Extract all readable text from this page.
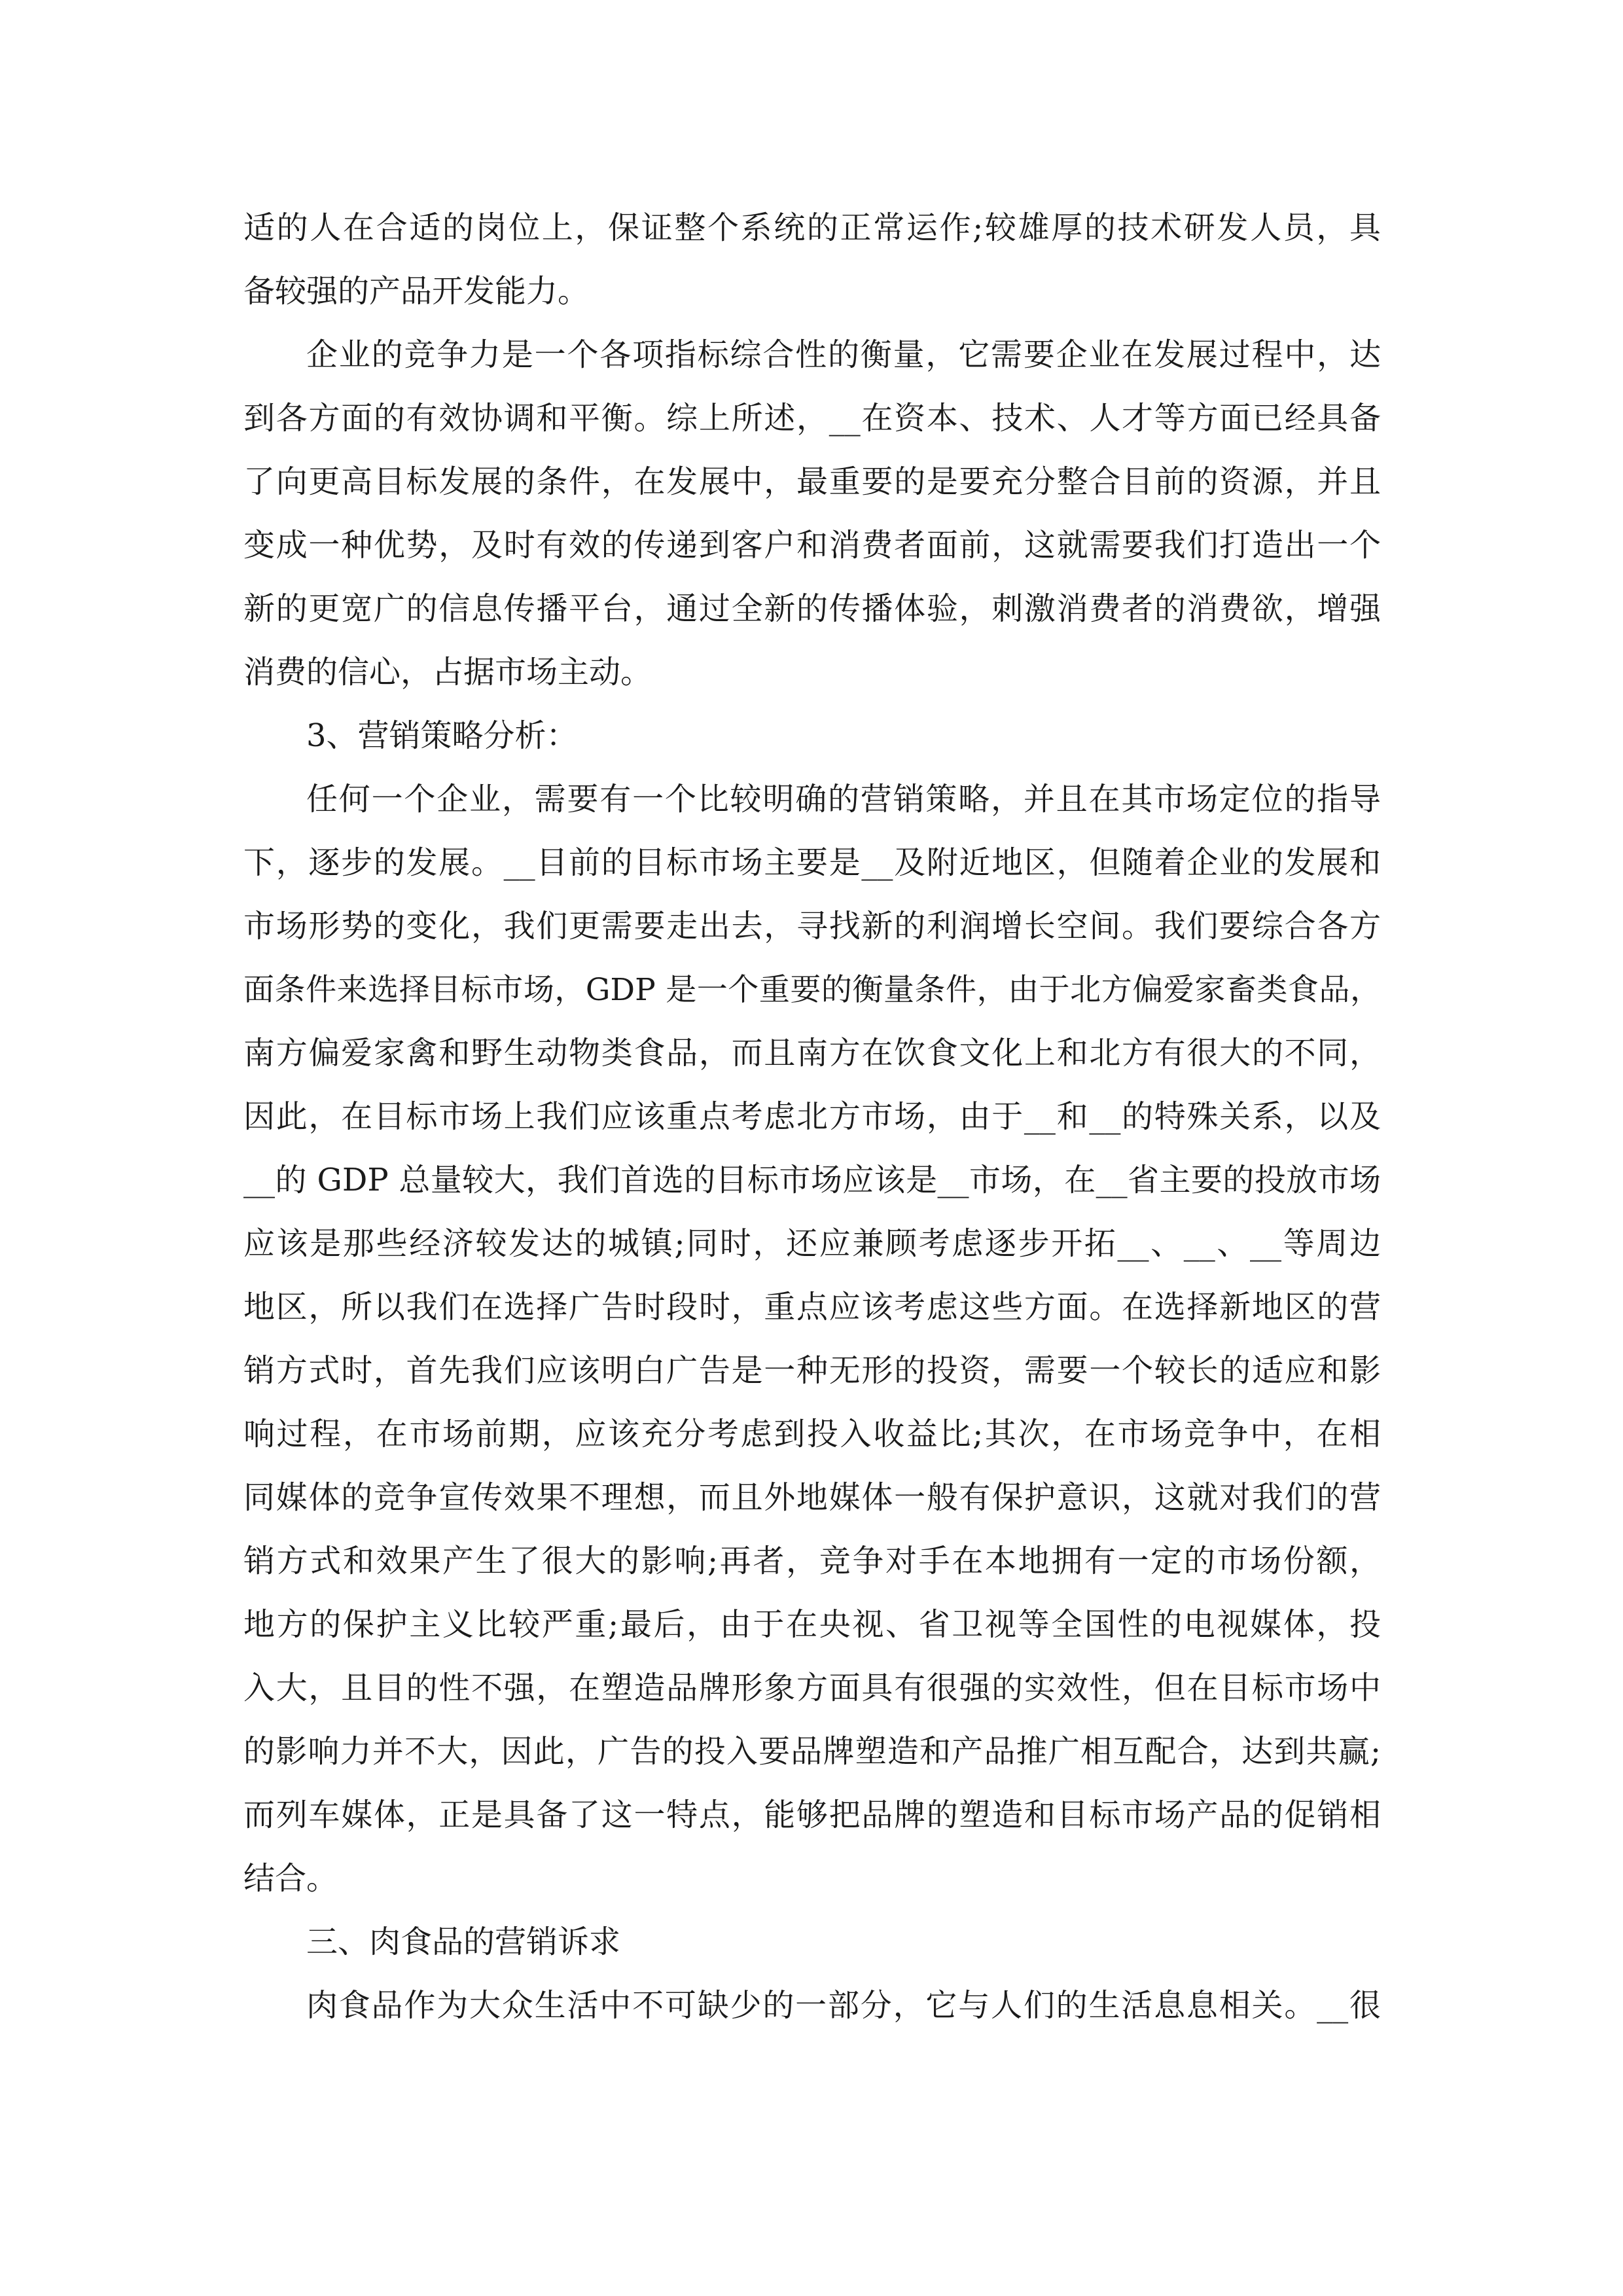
适的人在合适的岗位上，保证整个系统的正常运作;较雄厚的技术研发人员，具
备较强的产品开发能力。
企业的竞争力是一个各项指标综合性的衡量，它需要企业在发展过程中，达
到各方面的有效协调和平衡。综上所述，__在资本、技术、人才等方面已经具备
了向更高目标发展的条件，在发展中，最重要的是要充分整合目前的资源，并且
变成一种优势，及时有效的传递到客户和消费者面前，这就需要我们打造出一个
新的更宽广的信息传播平台，通过全新的传播体验，刺激消费者的消费欲，增强
消费的信心，占据市场主动。
3、营销策略分析：
任何一个企业，需要有一个比较明确的营销策略，并且在其市场定位的指导
下，逐步的发展。__目前的目标市场主要是__及附近地区，但随着企业的发展和
市场形势的变化，我们更需要走出去，寻找新的利润增长空间。我们要综合各方
面条件来选择目标市场，GDP 是一个重要的衡量条件，由于北方偏爱家畜类食品，
南方偏爱家禽和野生动物类食品，而且南方在饮食文化上和北方有很大的不同，
因此，在目标市场上我们应该重点考虑北方市场，由于__和__的特殊关系，以及
__的 GDP 总量较大，我们首选的目标市场应该是__市场，在__省主要的投放市场
应该是那些经济较发达的城镇;同时，还应兼顾考虑逐步开拓__、__、__等周边
地区，所以我们在选择广告时段时，重点应该考虑这些方面。在选择新地区的营
销方式时，首先我们应该明白广告是一种无形的投资，需要一个较长的适应和影
响过程，在市场前期，应该充分考虑到投入收益比;其次，在市场竞争中，在相
同媒体的竞争宣传效果不理想，而且外地媒体一般有保护意识，这就对我们的营
销方式和效果产生了很大的影响;再者，竞争对手在本地拥有一定的市场份额，
地方的保护主义比较严重;最后，由于在央视、省卫视等全国性的电视媒体，投
入大，且目的性不强，在塑造品牌形象方面具有很强的实效性，但在目标市场中
的影响力并不大，因此，广告的投入要品牌塑造和产品推广相互配合，达到共赢;
而列车媒体，正是具备了这一特点，能够把品牌的塑造和目标市场产品的促销相
结合。
三、肉食品的营销诉求
肉食品作为大众生活中不可缺少的一部分，它与人们的生活息息相关。__很
